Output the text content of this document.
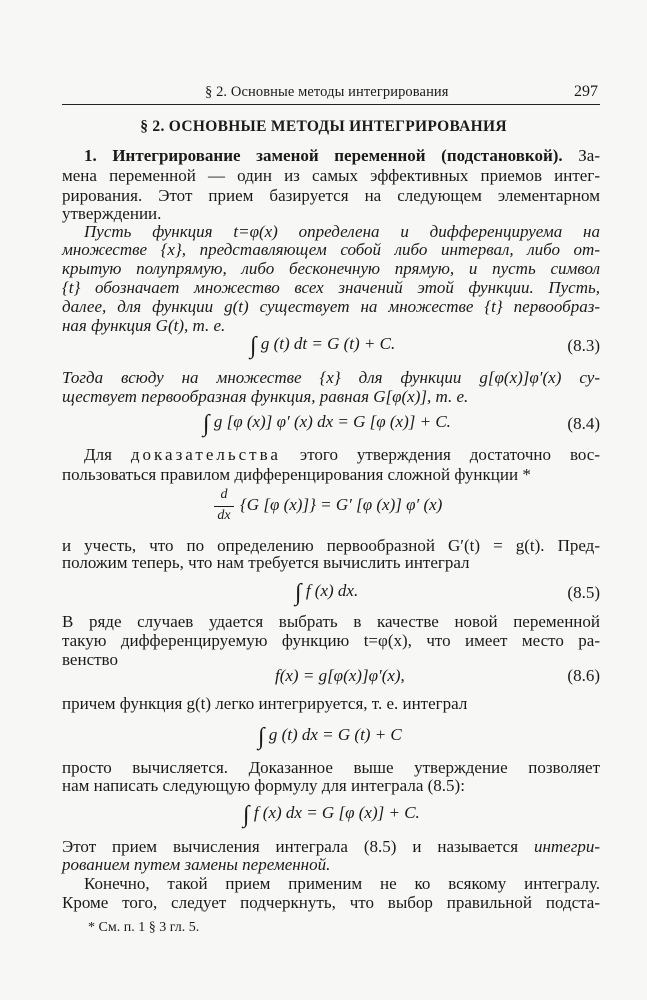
§ 2. Основные методы интегрирования	297
§ 2. ОСНОВНЫЕ МЕТОДЫ ИНТЕГРИРОВАНИЯ
1. Интегрирование заменой переменной (подстановкой). За-
мена переменной — один из самых эффективных приемов интег-
рирования. Этот прием базируется на следующем элементарном
утверждении.
Пусть функция t=φ(x) определена и дифференцируема на
множестве {x}, представляющем собой либо интервал, либо от-
крытую полупрямую, либо бесконечную прямую, и пусть символ
{t} обозначает множество всех значений этой функции. Пусть,
далее, для функции g(t) существует на множестве {t} первообраз-
ная функция G(t), т. е.
∫ g (t) dt = G (t) + C.	(8.3)
Тогда всюду на множестве {x} для функции g[φ(x)]φ′(x) су-
ществует первообразная функция, равная G[φ(x)], т. е.
∫ g [φ (x)] φ′ (x) dx = G [φ (x)] + C.	(8.4)
Для доказательства этого утверждения достаточно вос-
пользоваться правилом дифференцирования сложной функции *
d
dx
{G [φ (x)]} = G′ [φ (x)] φ′ (x)
и учесть, что по определению первообразной G′(t) = g(t). Пред-
положим теперь, что нам требуется вычислить интеграл
∫ f (x) dx.	(8.5)
В ряде случаев удается выбрать в качестве новой переменной
такую дифференцируемую функцию t=φ(x), что имеет место ра-
венство
f(x) = g[φ(x)]φ′(x),	(8.6)
причем функция g(t) легко интегрируется, т. е. интеграл
∫ g (t) dx = G (t) + C
просто вычисляется. Доказанное выше утверждение позволяет
нам написать следующую формулу для интеграла (8.5):
∫ f (x) dx = G [φ (x)] + C.
Этот прием вычисления интеграла (8.5) и называется интегри-
рованием путем замены переменной.
Конечно, такой прием применим не ко всякому интегралу.
Кроме того, следует подчеркнуть, что выбор правильной подста-
* См. п. 1 § 3 гл. 5.
